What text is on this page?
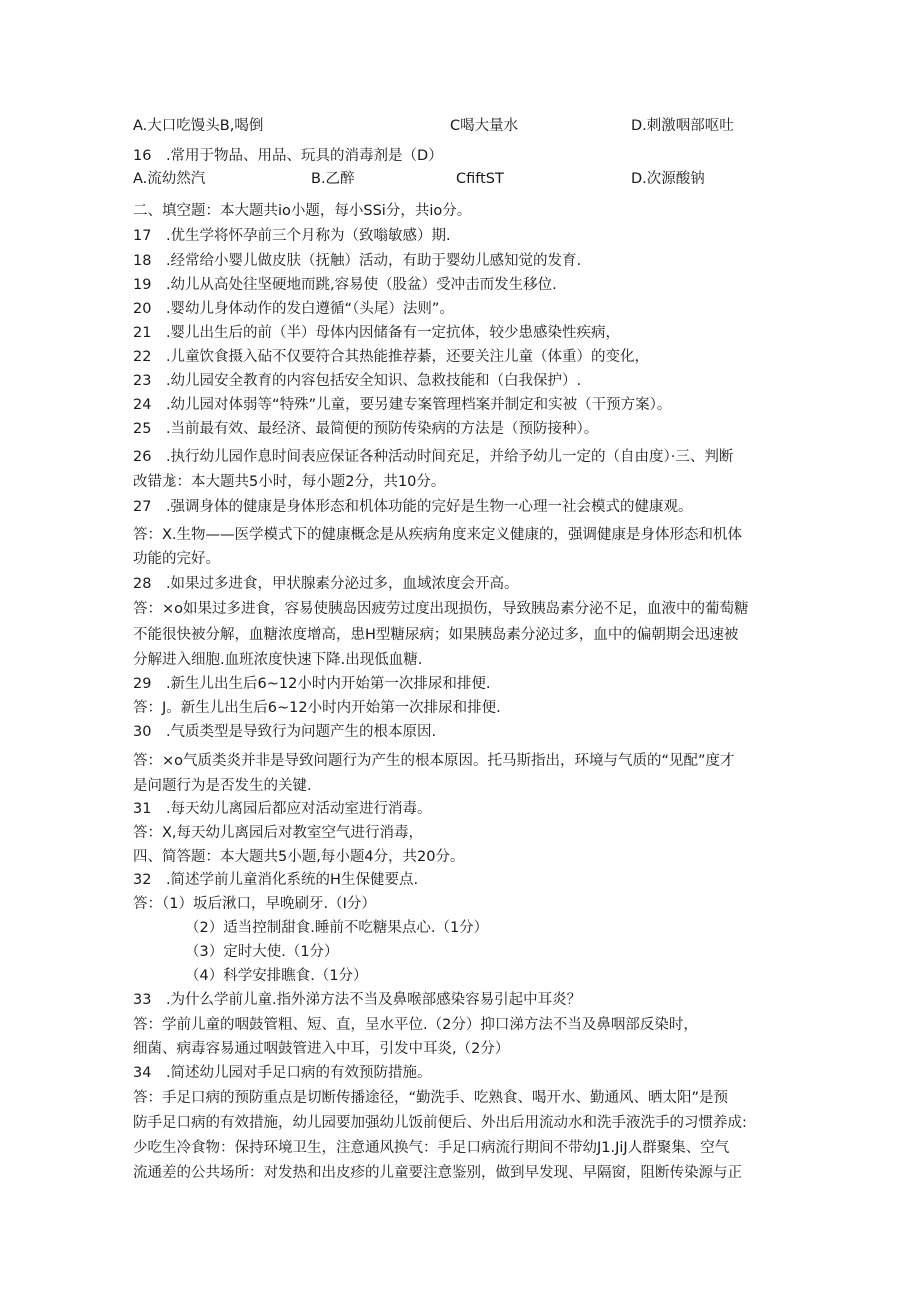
A.大口吃馒头B,喝倒	C喝大量水	D.刺激咽部呕吐
16　.常用于物品、用品、玩具的消毒剂是（D）
A.流幼然汽	B.乙醉	CfiftST	D.次源酸钠
二、填空题：本大题共io小题，每小SSi分，共io分。
17　.优生学将怀孕前三个月称为（致嗡敏感）期.
18　.经常给小婴儿做皮肤（抚触）活动，有助于婴幼儿感知觉的发育.
19　.幼儿从高处往坚硬地而跳,容易使（股盆）受冲击而发生移位.
20　.婴幼儿身体动作的发白遵循“（头尾）法则”。
21　.婴儿出生后的前（半）母体内因储备有一定抗体，较少患感染性疾病，
22　.儿童饮食摄入砧不仅要符合其热能推荐綦，还要关注儿童（体重）的变化，
23　.幼儿园安全教育的内容包括安全知识、急救技能和（白我保护）.
24　.幼儿园对体弱等“特殊”儿童，要另建专案管理档案并制定和实被（干预方案）。
25　.当前最有效、最经济、最简便的预防传染病的方法是（预防接种）。
26　.执行幼儿园作息时间表应保证各种活动时间充足，并给予幼儿一定的（自由度）·三、判断
改错尨：本大题共5小时，每小题2分，共10分。
27　.强调身体的健康是身体形态和机体功能的完好是生物一心理一社会模式的健康观。
答：X.生物——医学模式下的健康概念是从疾病角度来定义健康的，强调健康是身体形态和机体
功能的完好。
28　.如果过多进食，甲状腺素分泌过多，血域浓度会开高。
答：×o如果过多进食，容易使胰岛因疲劳过度出现损伤，导致胰岛素分泌不足，血液中的葡萄糖
不能很快被分解，血糖浓度增高，患H型糖尿病；如果胰岛素分泌过多，血中的偏朝期会迅速被
分解进入细胞.血班浓度快速下降.出现低血糖.
29　.新生儿出生后6~12小时内开始第一次排尿和排便.
答：J。新生儿出生后6~12小时内开始第一次排尿和排便.
30　.气质类型是导致行为问题产生的根本原因.
答：×o气质类炎并非是导致问题行为产生的根本原因。托马斯指出，环境与气质的“见配”度才
是问题行为是否发生的关键.
31　.每天幼儿离园后都应对活动室进行消毒。
答：X,每天幼儿离园后对教室空气进行消毒，
四、简答题：本大题共5小题,每小题4分，共20分。
32　.简述学前儿童消化系统的H生保健要点.
答：（1）坂后湫口，早晚刷牙.（I分）
（2）适当控制甜食.睡前不吃糖果点心.（1分）
（3）定时大使.（1分）
（4）科学安排瞧食.（1分）
33　.为什么学前儿童.指外涕方法不当及鼻喉部感染容易引起中耳炎？
答：学前儿童的咽鼓管粗、短、直，呈水平位.（2分）抑口涕方法不当及鼻咽部反染时，
细菌、病毒容易通过咽鼓管进入中耳，引发中耳炎,（2分）
34　.简述幼儿园对手足口病的有效预防措施。
答：手足口病的预防重点是切断传播途径，“勤洗手、吃熟食、喝开水、勤通风、晒太阳”是预
防手足口病的有效措施，幼儿园要加强幼儿饭前便后、外出后用流动水和洗手液洗手的习惯养成:
少吃生冷食物：保持环境卫生，注意通风换气：手足口病流行期间不带幼J1.JiJ人群聚集、空气
流通差的公共场所：对发热和出皮疹的儿童要注意鉴别，做到早发现、早隔窗，阻断传染源与正
